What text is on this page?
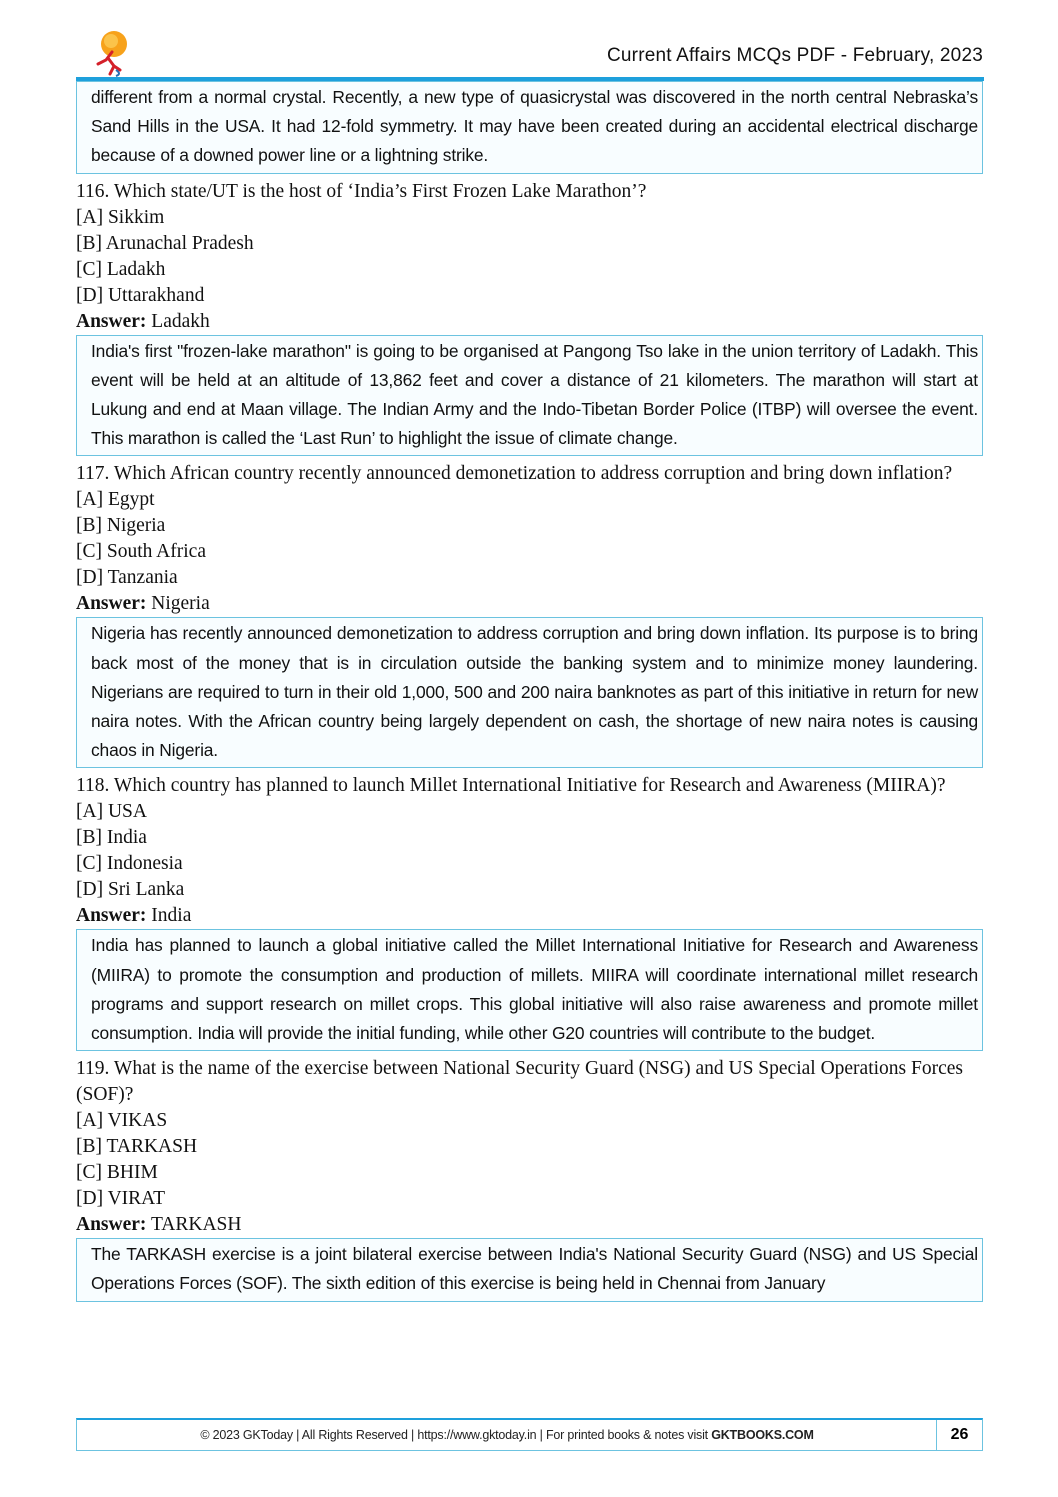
Current Affairs MCQs PDF - February, 2023
different from a normal crystal. Recently, a new type of quasicrystal was discovered in the north central Nebraska’s Sand Hills in the USA. It had 12-fold symmetry. It may have been created during an accidental electrical discharge because of a downed power line or a lightning strike.
116. Which state/UT is the host of ‘India’s First Frozen Lake Marathon’?
[A] Sikkim
[B] Arunachal Pradesh
[C] Ladakh
[D] Uttarakhand
Answer: Ladakh
India's first "frozen-lake marathon" is going to be organised at Pangong Tso lake in the union territory of Ladakh. This event will be held at an altitude of 13,862 feet and cover a distance of 21 kilometers. The marathon will start at Lukung and end at Maan village. The Indian Army and the Indo-Tibetan Border Police (ITBP) will oversee the event. This marathon is called the ‘Last Run’ to highlight the issue of climate change.
117. Which African country recently announced demonetization to address corruption and bring down inflation?
[A] Egypt
[B] Nigeria
[C] South Africa
[D] Tanzania
Answer: Nigeria
Nigeria has recently announced demonetization to address corruption and bring down inflation. Its purpose is to bring back most of the money that is in circulation outside the banking system and to minimize money laundering. Nigerians are required to turn in their old 1,000, 500 and 200 naira banknotes as part of this initiative in return for new naira notes. With the African country being largely dependent on cash, the shortage of new naira notes is causing chaos in Nigeria.
118. Which country has planned to launch Millet International Initiative for Research and Awareness (MIIRA)?
[A] USA
[B] India
[C] Indonesia
[D] Sri Lanka
Answer: India
India has planned to launch a global initiative called the Millet International Initiative for Research and Awareness (MIIRA) to promote the consumption and production of millets. MIIRA will coordinate international millet research programs and support research on millet crops. This global initiative will also raise awareness and promote millet consumption. India will provide the initial funding, while other G20 countries will contribute to the budget.
119. What is the name of the exercise between National Security Guard (NSG) and US Special Operations Forces (SOF)?
[A] VIKAS
[B] TARKASH
[C] BHIM
[D] VIRAT
Answer: TARKASH
The TARKASH exercise is a joint bilateral exercise between India's National Security Guard (NSG) and US Special Operations Forces (SOF). The sixth edition of this exercise is being held in Chennai from January
© 2023 GKToday | All Rights Reserved | https://www.gktoday.in | For printed books & notes visit GKTBOOKS.COM	26
